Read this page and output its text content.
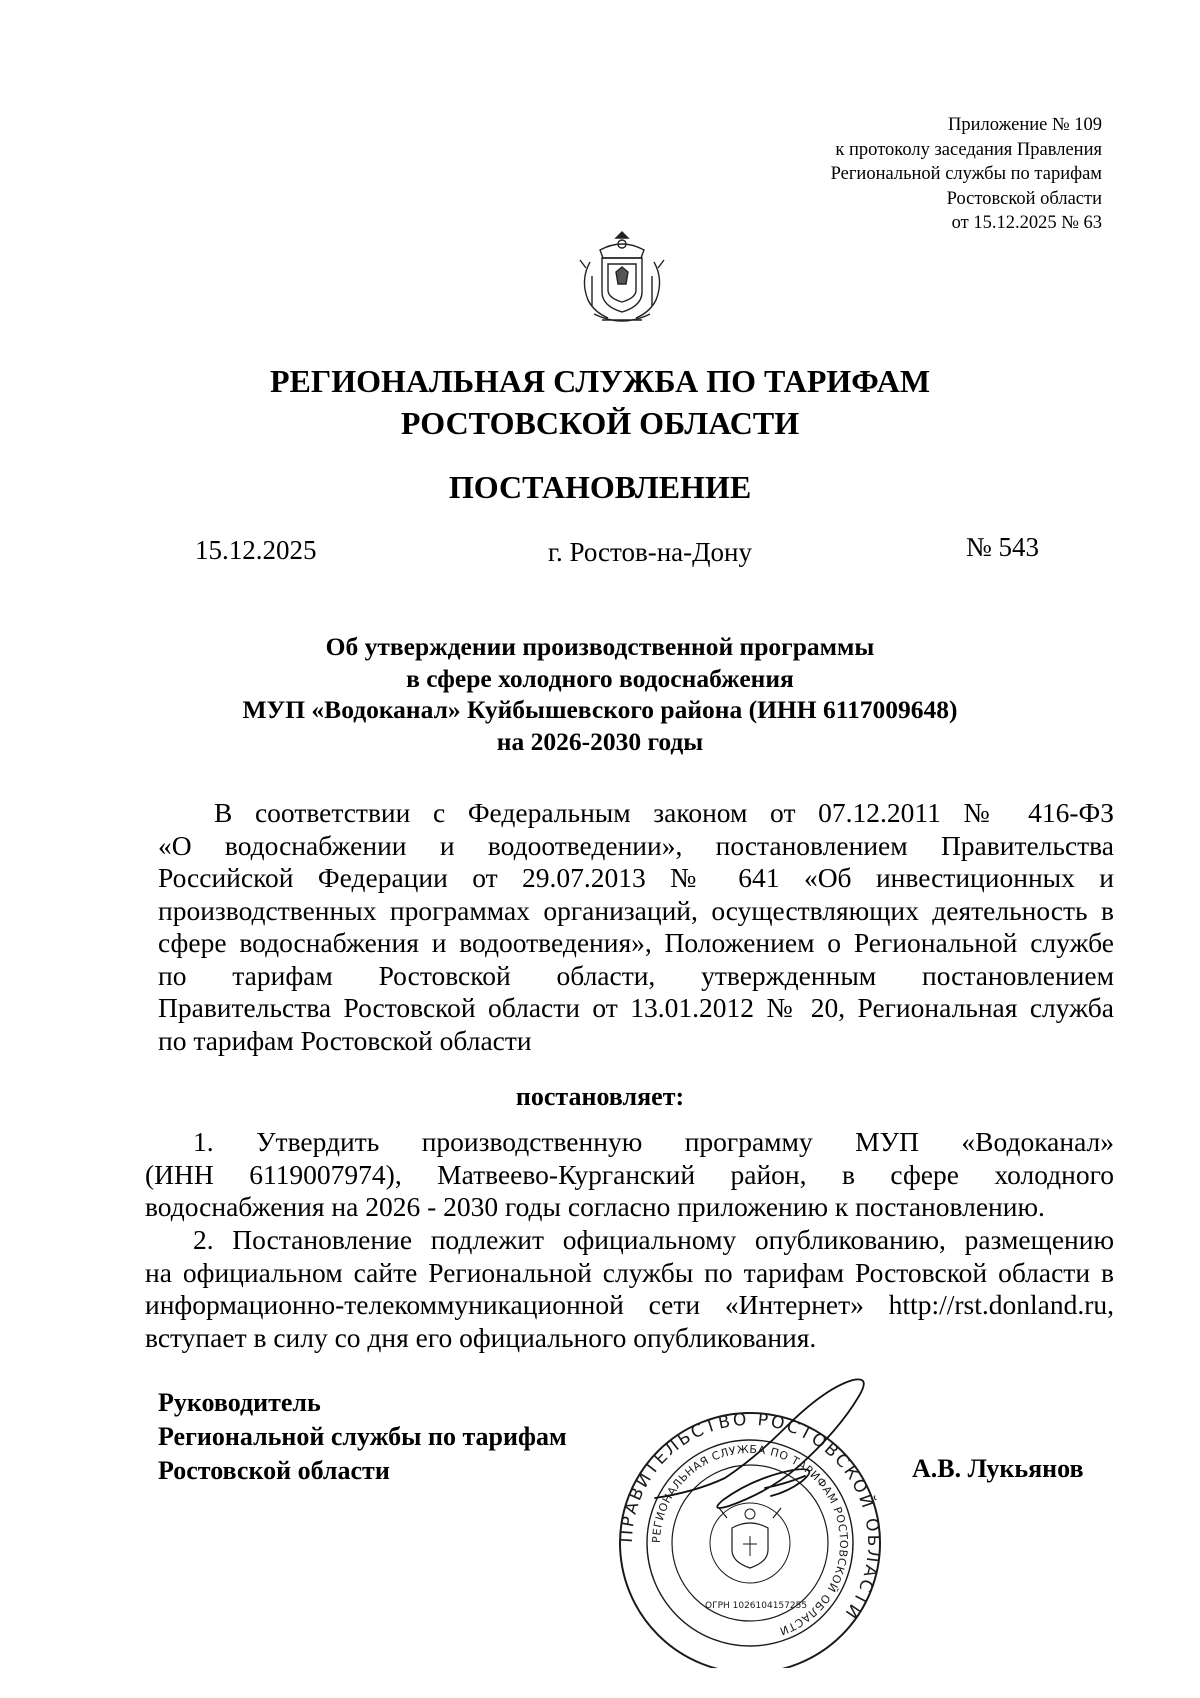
Приложение № 109
к протоколу заседания Правления
Региональной службы по тарифам
Ростовской области
от 15.12.2025 № 63
РЕГИОНАЛЬНАЯ СЛУЖБА ПО ТАРИФАМ
РОСТОВСКОЙ ОБЛАСТИ
ПОСТАНОВЛЕНИЕ
15.12.2025	г. Ростов-на-Дону	№ 543
Об утверждении производственной программы
в сфере холодного водоснабжения
МУП «Водоканал» Куйбышевского района (ИНН 6117009648)
на 2026-2030 годы
В соответствии с Федеральным законом от 07.12.2011 № 416-ФЗ
«О водоснабжении и водоотведении», постановлением Правительства
Российской Федерации от 29.07.2013 № 641 «Об инвестиционных и
производственных программах организаций, осуществляющих деятельность в
сфере водоснабжения и водоотведения», Положением о Региональной службе
по тарифам Ростовской области, утвержденным постановлением
Правительства Ростовской области от 13.01.2012 № 20, Региональная служба
по тарифам Ростовской области
постановляет:
1. Утвердить производственную программу МУП «Водоканал»
(ИНН 6119007974), Матвеево-Курганский район, в сфере холодного
водоснабжения на 2026 - 2030 годы согласно приложению к постановлению.
2. Постановление подлежит официальному опубликованию, размещению
на официальном сайте Региональной службы по тарифам Ростовской области в
информационно-телекоммуникационной сети «Интернет» http://rst.donland.ru,
вступает в силу со дня его официального опубликования.
Руководитель
Региональной службы по тарифам
Ростовской области
ПРАВИТЕЛЬСТВО РОСТОВСКОЙ ОБЛАСТИ
РЕГИОНАЛЬНАЯ СЛУЖБА ПО ТАРИФАМ РОСТОВСКОЙ ОБЛАСТИ
ОГРН 1026104157255
А.В. Лукьянов
